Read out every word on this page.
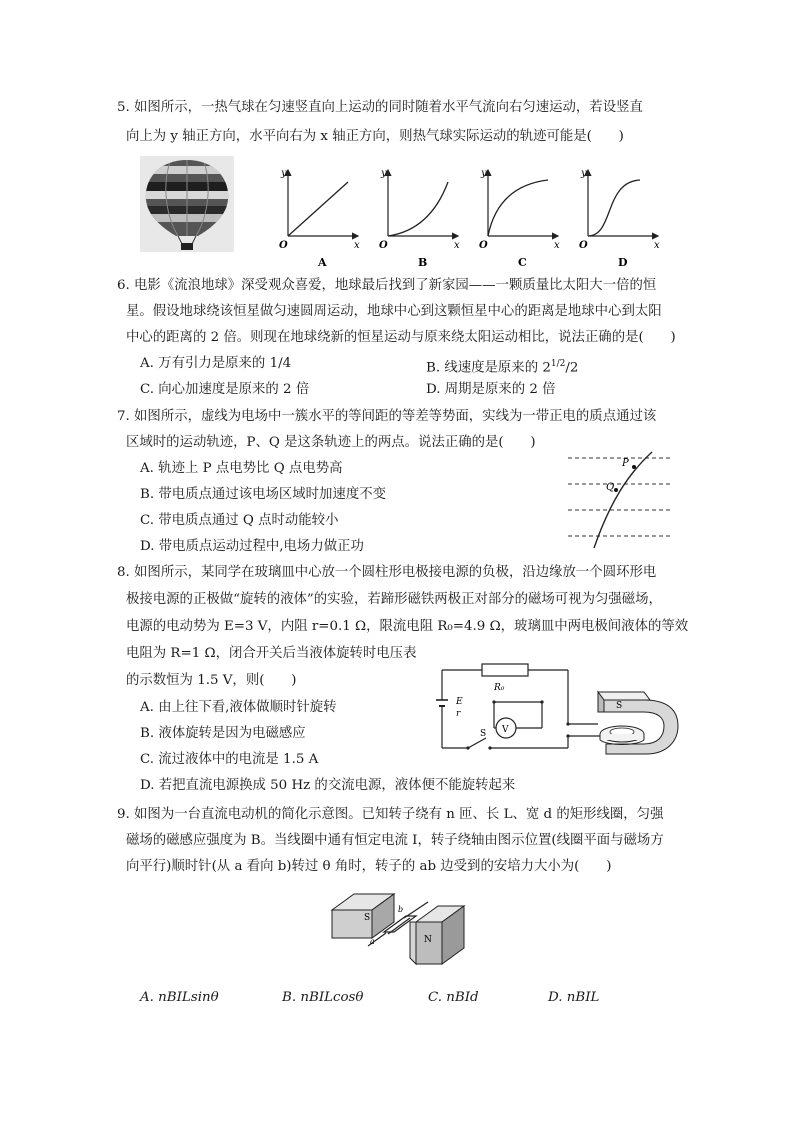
5. 如图所示，一热气球在匀速竖直向上运动的同时随着水平气流向右匀速运动，若设竖直
向上为 y 轴正方向，水平向右为 x 轴正方向，则热气球实际运动的轨迹可能是(　　)
y
x
O
A
y
x
O
B
y
x
O
C
y
x
O
D
6. 电影《流浪地球》深受观众喜爱，地球最后找到了新家园——一颗质量比太阳大一倍的恒
星。假设地球绕该恒星做匀速圆周运动，地球中心到这颗恒星中心的距离是地球中心到太阳
中心的距离的 2 倍。则现在地球绕新的恒星运动与原来绕太阳运动相比，说法正确的是(　　)
A. 万有引力是原来的 1/4	B. 线速度是原来的 $2^{1/2}/2$
C. 向心加速度是原来的 2 倍	D. 周期是原来的 2 倍
7. 如图所示，虚线为电场中一簇水平的等间距的等差等势面，实线为一带正电的质点通过该
区域时的运动轨迹，P、Q 是这条轨迹上的两点。说法正确的是(　　)
A. 轨迹上 P 点电势比 Q 点电势高
B. 带电质点通过该电场区域时加速度不变
C. 带电质点通过 Q 点时动能较小
D. 带电质点运动过程中,电场力做正功
P
Q
8. 如图所示，某同学在玻璃皿中心放一个圆柱形电极接电源的负极，沿边缘放一个圆环形电
极接电源的正极做“旋转的液体”的实验，若蹄形磁铁两极正对部分的磁场可视为匀强磁场，
电源的电动势为 E=3 V，内阻 r=0.1 Ω，限流电阻 R₀=4.9 Ω，玻璃皿中两电极间液体的等效
电阻为 R=1 Ω，闭合开关后当液体旋转时电压表
的示数恒为 1.5 V，则(　　)
A. 由上往下看,液体做顺时针旋转
B. 液体旋转是因为电磁感应
C. 流过液体中的电流是 1.5 A
D. 若把直流电源换成 50 Hz 的交流电源，液体便不能旋转起来
E
r
R₀
V
S
S
9. 如图为一台直流电动机的简化示意图。已知转子绕有 n 匝、长 L、宽 d 的矩形线圈，匀强
磁场的磁感应强度为 B。当线圈中通有恒定电流 I，转子绕轴由图示位置(线圈平面与磁场方
向平行)顺时针(从 a 看向 b)转过 θ 角时，转子的 ab 边受到的安培力大小为(　　)
S
N
b
a
A. nBILsinθ	B. nBILcosθ	C. nBId	D. nBIL
